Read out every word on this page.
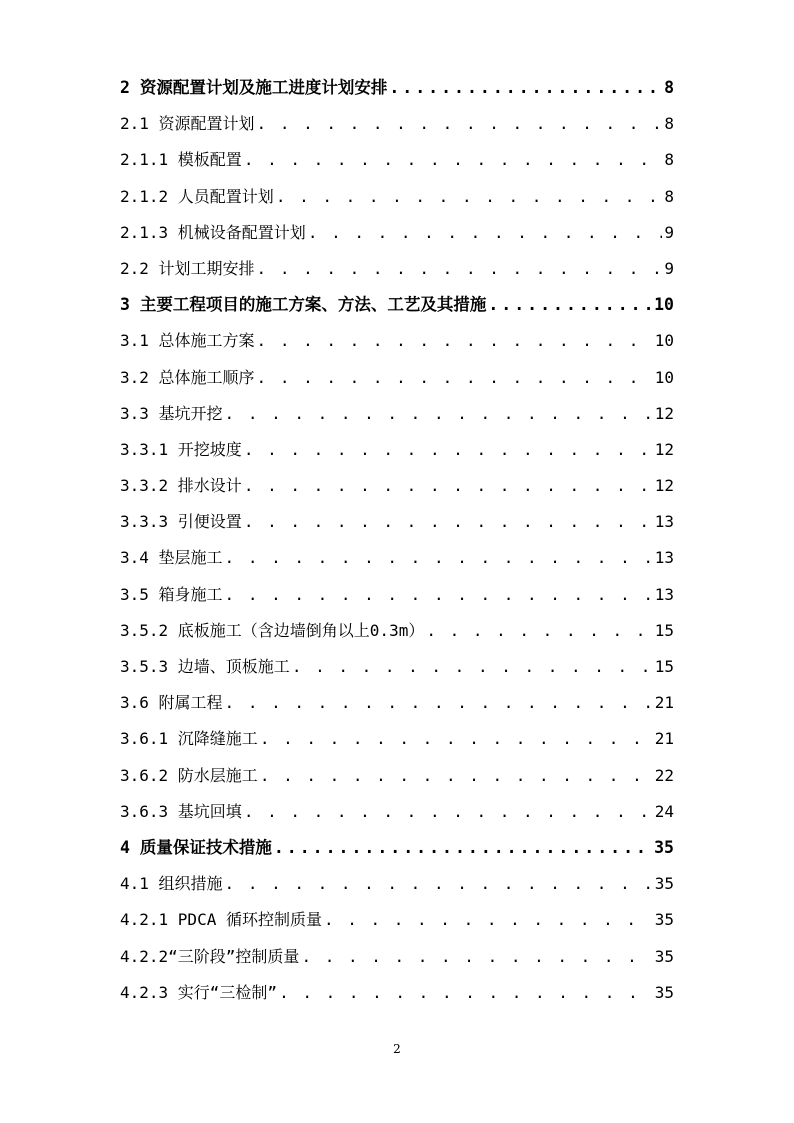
2 资源配置计划及施工进度计划安排 .....	8
2.1 资源配置计划 . . .	8
2.1.1 模板配置 . . .	8
2.1.2 人员配置计划 . . .	8
2.1.3 机械设备配置计划 . . .	9
2.2 计划工期安排 . . .	9
3 主要工程项目的施工方案、方法、工艺及其措施 .....	10
3.1 总体施工方案 . . .	10
3.2 总体施工顺序 . . .	10
3.3 基坑开挖 . . .	12
3.3.1 开挖坡度 . . .	12
3.3.2 排水设计 . . .	12
3.3.3 引便设置 . . .	13
3.4 垫层施工 . . .	13
3.5 箱身施工 . . .	13
3.5.2 底板施工（含边墙倒角以上0.3m） . . .	15
3.5.3 边墙、顶板施工 . . .	15
3.6 附属工程 . . .	21
3.6.1 沉降缝施工 . . .	21
3.6.2 防水层施工 . . .	22
3.6.3 基坑回填 . . .	24
4 质量保证技术措施 .....	35
4.1 组织措施 . . .	35
4.2.1 PDCA 循环控制质量 . . .	35
4.2.2“三阶段”控制质量 . . .	35
4.2.3 实行“三检制” . . .	35
2
